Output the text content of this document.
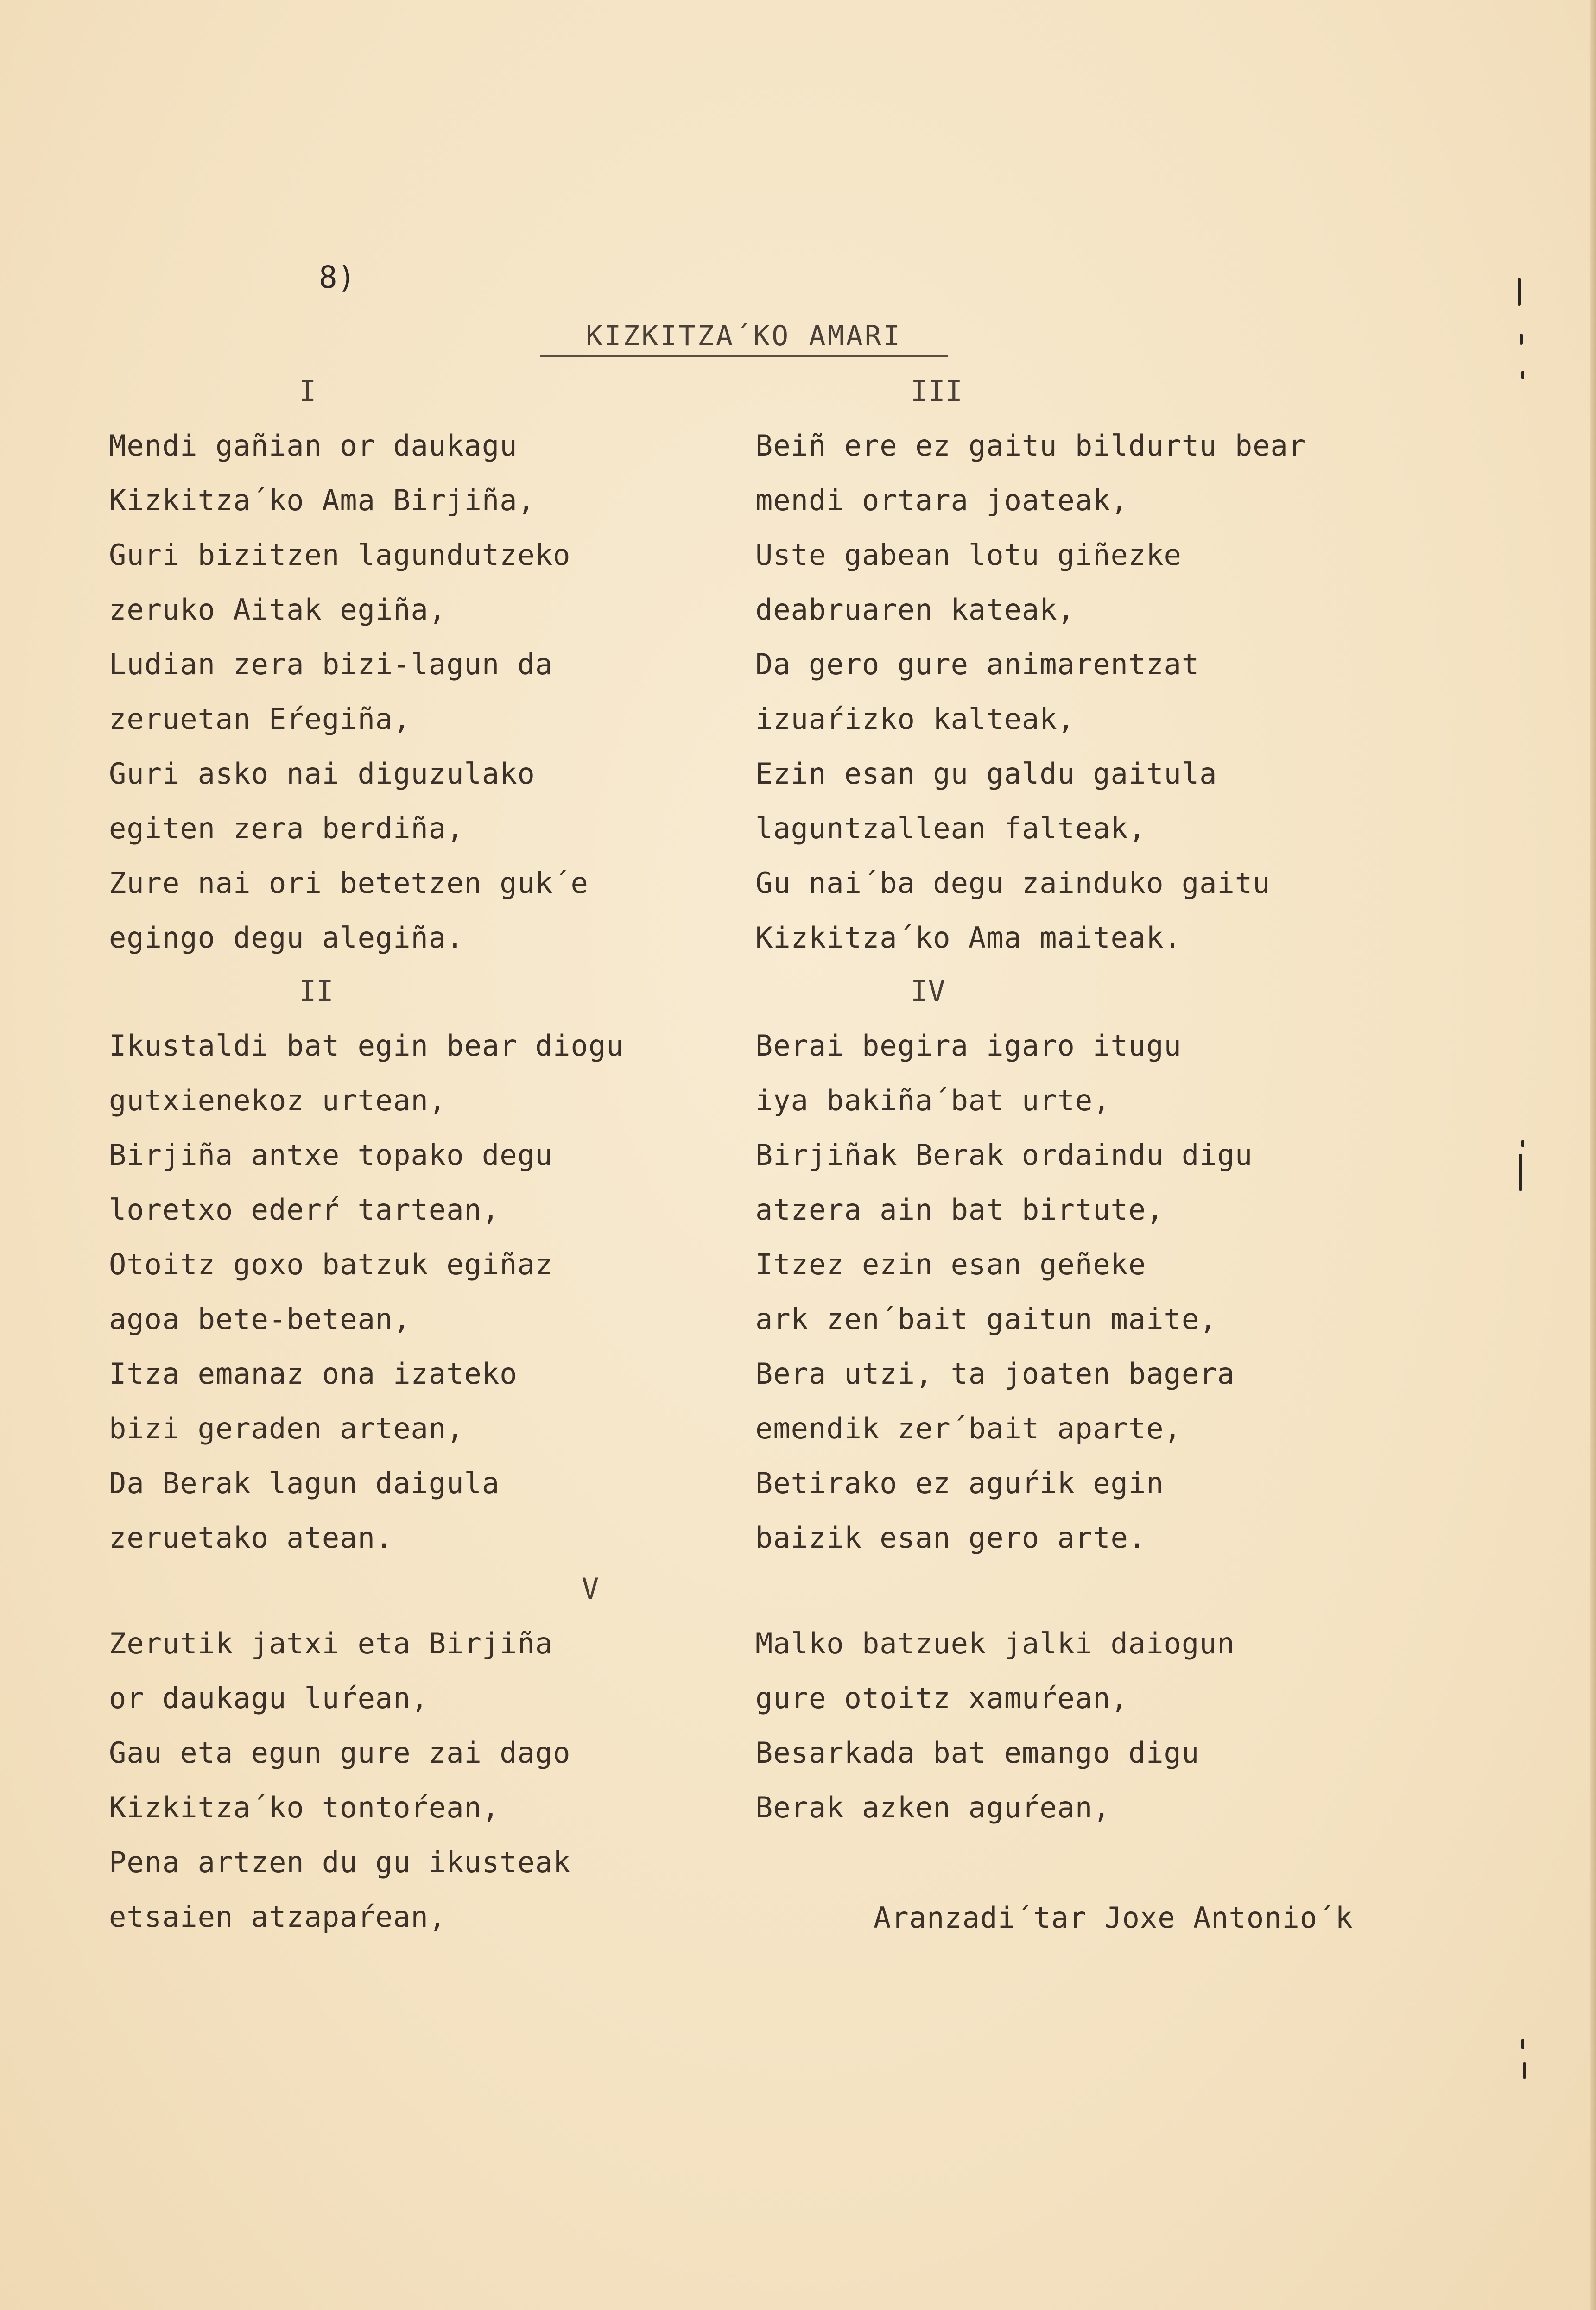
8)
KIZKITZA´KO AMARI
I
Mendi gañian or daukagu
Kizkitza´ko Ama Birjiña,
Guri bizitzen lagundutzeko
zeruko Aitak egiña,
Ludian zera bizi-lagun da
zeruetan Eŕegiña,
Guri asko nai diguzulako
egiten zera berdiña,
Zure nai ori betetzen guk´e
egingo degu alegiña.
III
Beiñ ere ez gaitu bildurtu bear
mendi ortara joateak,
Uste gabean lotu giñezke
deabruaren kateak,
Da gero gure animarentzat
izuaŕizko kalteak,
Ezin esan gu galdu gaitula
laguntzallean falteak,
Gu nai´ba degu zainduko gaitu
Kizkitza´ko Ama maiteak.
II
Ikustaldi bat egin bear diogu
gutxienekoz urtean,
Birjiña antxe topako degu
loretxo ederŕ tartean,
Otoitz goxo batzuk egiñaz
agoa bete-betean,
Itza emanaz ona izateko
bizi geraden artean,
Da Berak lagun daigula
zeruetako atean.
IV
Berai begira igaro itugu
iya bakiña´bat urte,
Birjiñak Berak ordaindu digu
atzera ain bat birtute,
Itzez ezin esan geñeke
ark zen´bait gaitun maite,
Bera utzi, ta joaten bagera
emendik zer´bait aparte,
Betirako ez aguŕik egin
baizik esan gero arte.
V
Zerutik jatxi eta Birjiña
or daukagu luŕean,
Gau eta egun gure zai dago
Kizkitza´ko tontoŕean,
Pena artzen du gu ikusteak
etsaien atzapaŕean,
Malko batzuek jalki daiogun
gure otoitz xamuŕean,
Besarkada bat emango digu
Berak azken aguŕean,
Aranzadi´tar Joxe Antonio´k
